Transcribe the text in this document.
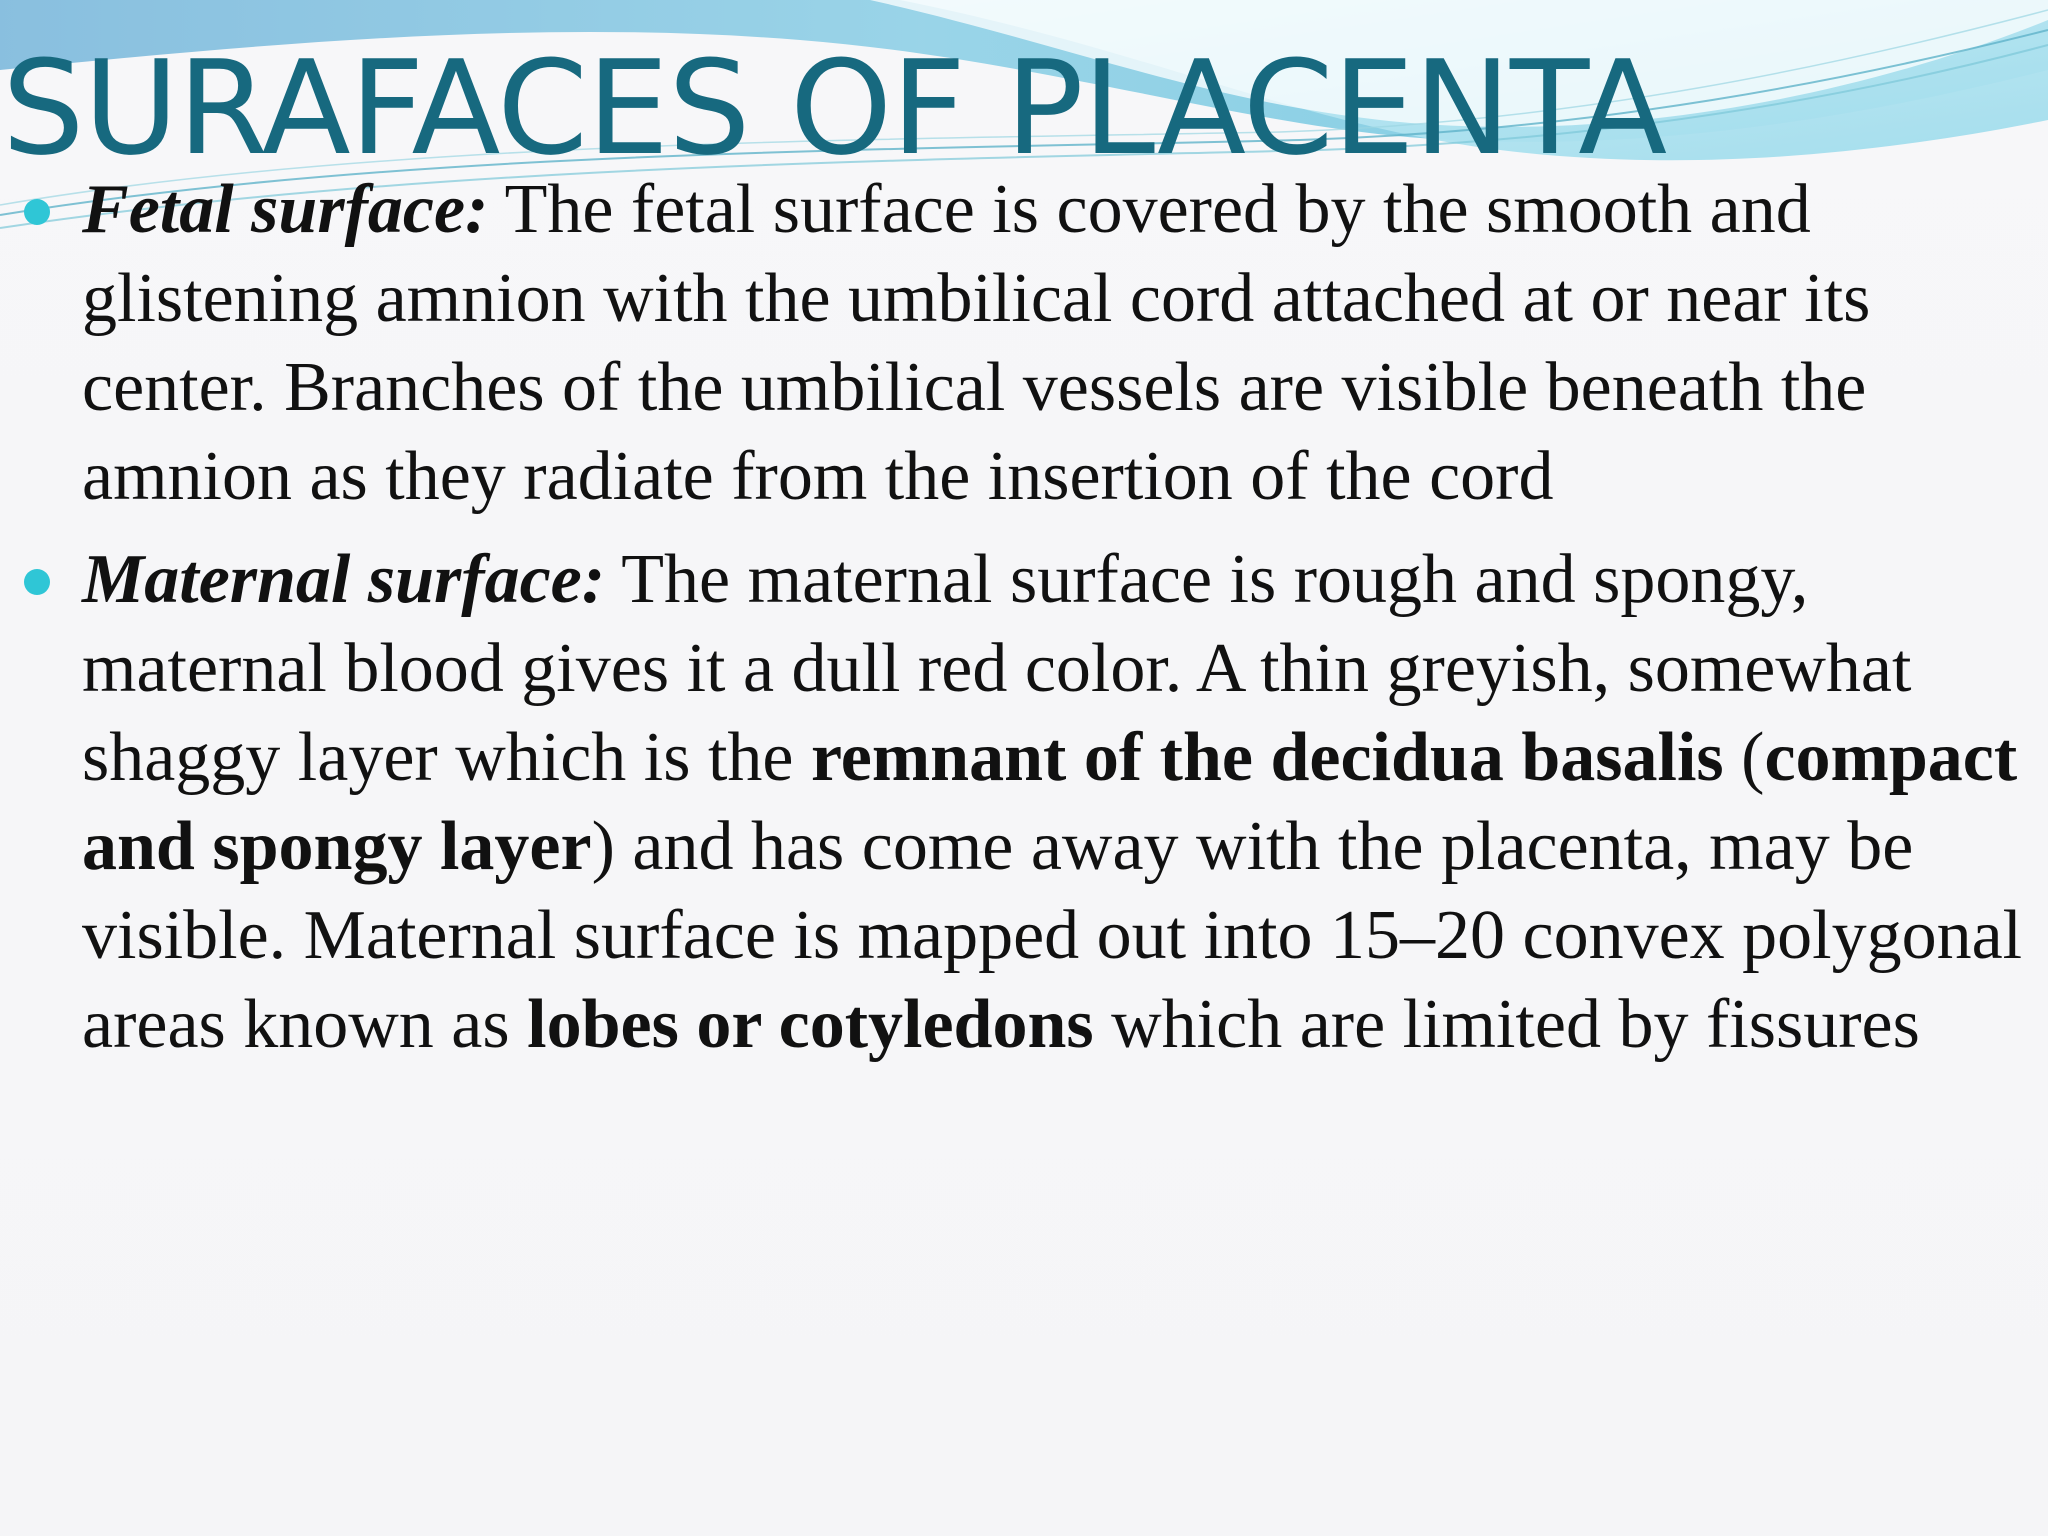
SURAFACES OF PLACENTA
Fetal surface: The fetal surface is covered by the smooth and glistening amnion with the umbilical cord attached at or near its center. Branches of the umbilical vessels are visible beneath the amnion as they radiate from the insertion of the cord
Maternal surface: The maternal surface is rough and spongy, maternal blood gives it a dull red color. A thin greyish, somewhat shaggy layer which is the remnant of the decidua basalis (compact and spongy layer) and has come away with the placenta, may be visible. Maternal surface is mapped out into 15–20 convex polygonal areas known as lobes or cotyledons which are limited by fissures
